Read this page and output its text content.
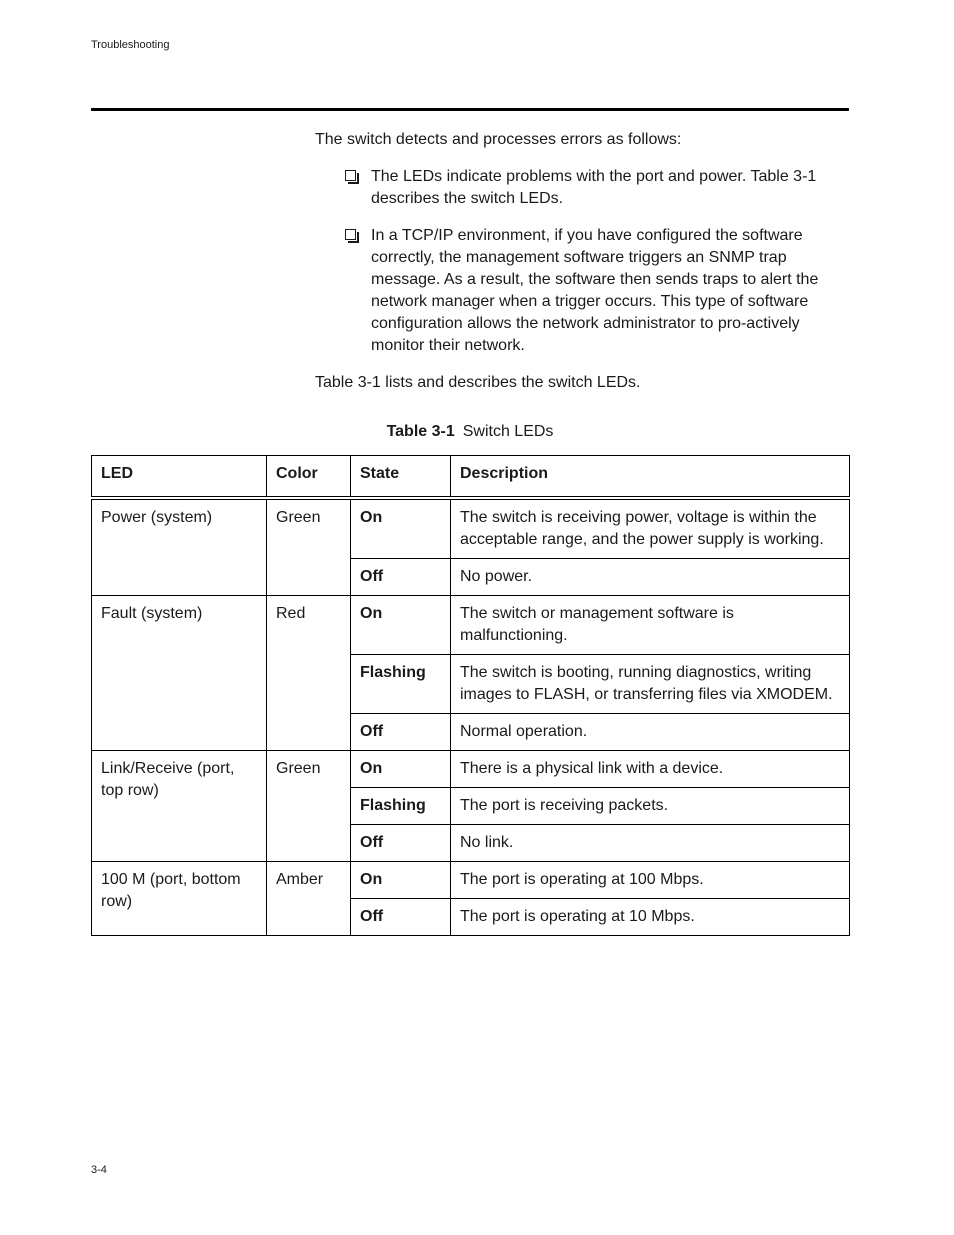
Troubleshooting
The switch detects and processes errors as follows:
The LEDs indicate problems with the port and power. Table 3-1 describes the switch LEDs.
In a TCP/IP environment, if you have configured the software correctly, the management software triggers an SNMP trap message. As a result, the software then sends traps to alert the network manager when a trigger occurs. This type of software configuration allows the network administrator to pro-actively monitor their network.
Table 3-1 lists and describes the switch LEDs.
Table 3-1 Switch LEDs
LED	Color	State	Description
Power (system)	Green	On	The switch is receiving power, voltage is within the acceptable range, and the power supply is working.
		Off	No power.
Fault (system)	Red	On	The switch or management software is malfunctioning.
		Flashing	The switch is booting, running diagnostics, writing images to FLASH, or transferring files via XMODEM.
		Off	Normal operation.
Link/Receive (port, top row)	Green	On	There is a physical link with a device.
		Flashing	The port is receiving packets.
		Off	No link.
100 M (port, bottom row)	Amber	On	The port is operating at 100 Mbps.
		Off	The port is operating at 10 Mbps.
3-4
